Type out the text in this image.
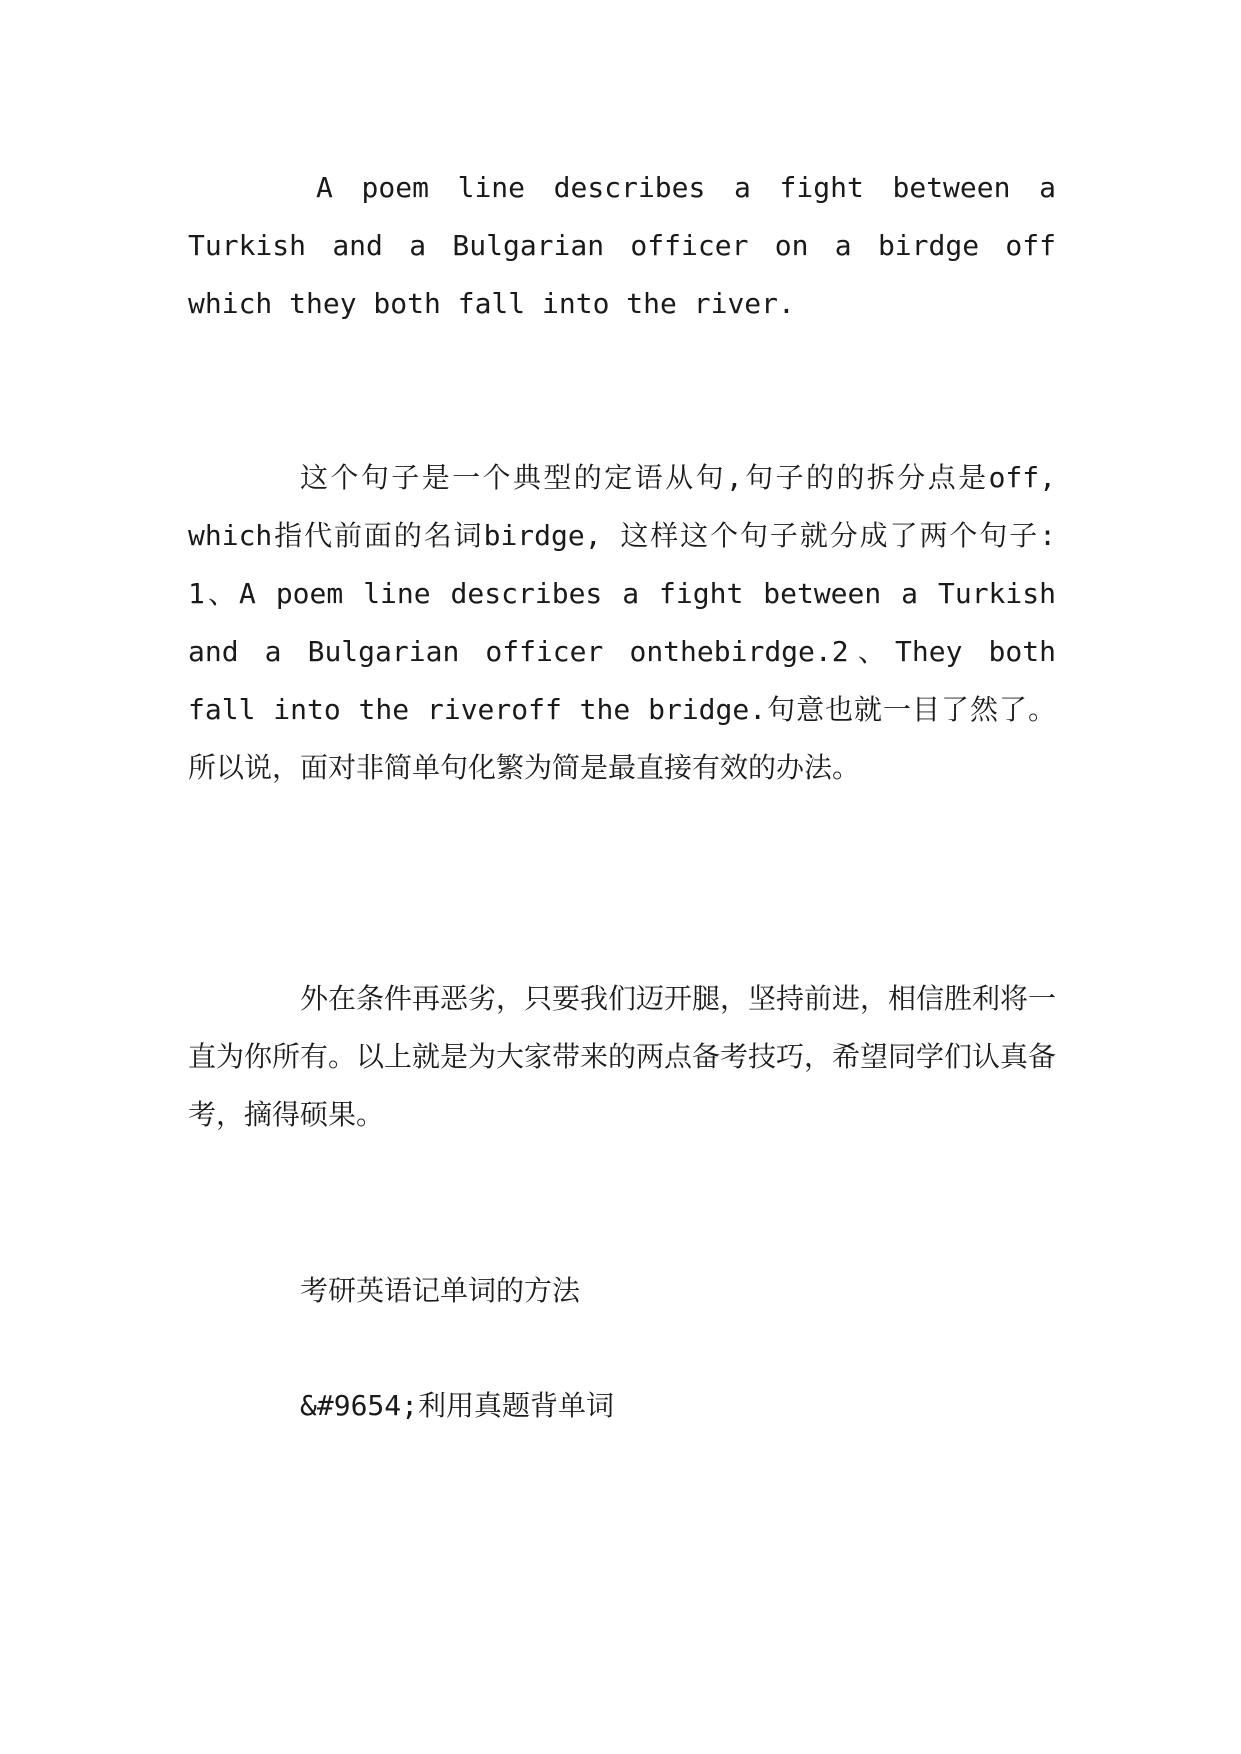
A poem line describes a fight between a Turkish and a Bulgarian officer on a birdge off which they both fall into the river.

这个句子是一个典型的定语从句,句子的的拆分点是off, which指代前面的名词birdge, 这样这个句子就分成了两个句子: 1、A poem line describes a fight between a Turkish and a Bulgarian officer onthebirdge.2、They both fall into the riveroff the bridge.句意也就一目了然了。所以说，面对非简单句化繁为简是最直接有效的办法。

外在条件再恶劣，只要我们迈开腿，坚持前进，相信胜利将一直为你所有。以上就是为大家带来的两点备考技巧，希望同学们认真备考，摘得硕果。

考研英语记单词的方法

&#9654;利用真题背单词
